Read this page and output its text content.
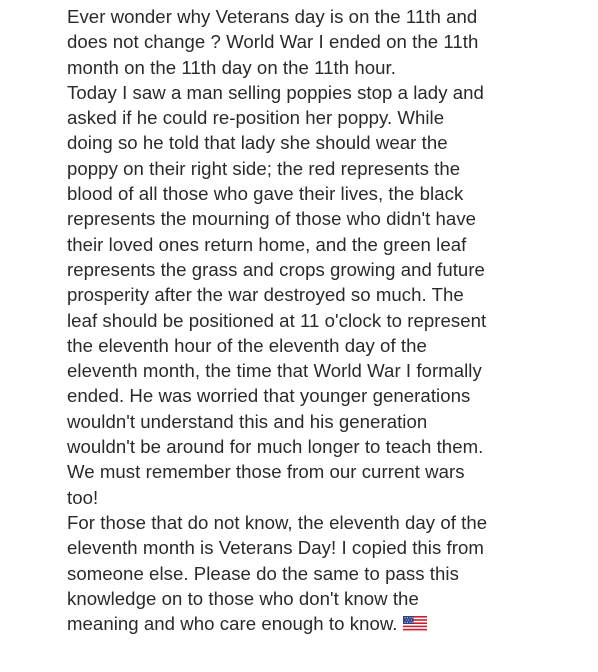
Ever wonder why Veterans day is on the 11th and
does not change ? World War I ended on the 11th
month on the 11th day on the 11th hour.
Today I saw a man selling poppies stop a lady and
asked if he could re-position her poppy. While
doing so he told that lady she should wear the
poppy on their right side; the red represents the
blood of all those who gave their lives, the black
represents the mourning of those who didn't have
their loved ones return home, and the green leaf
represents the grass and crops growing and future
prosperity after the war destroyed so much. The
leaf should be positioned at 11 o'clock to represent
the eleventh hour of the eleventh day of the
eleventh month, the time that World War I formally
ended. He was worried that younger generations
wouldn't understand this and his generation
wouldn't be around for much longer to teach them.
We must remember those from our current wars
too!
For those that do not know, the eleventh day of the
eleventh month is Veterans Day! I copied this from
someone else. Please do the same to pass this
knowledge on to those who don't know the
meaning and who care enough to know.
